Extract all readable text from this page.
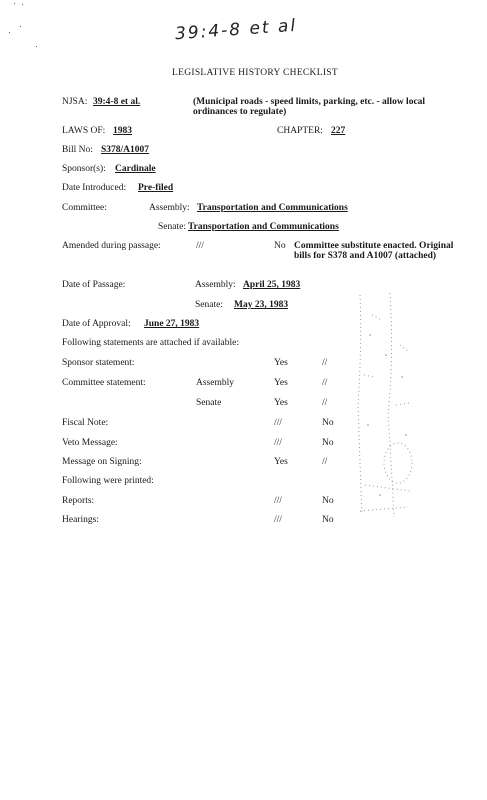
39:4-8 et al
LEGISLATIVE HISTORY CHECKLIST
NJSA: 39:4-8 et al.	(Municipal roads - speed limits, parking, etc. - allow local ordinances to regulate)
LAWS OF: 1983	CHAPTER: 227
Bill No: S378/A1007
Sponsor(s): Cardinale
Date Introduced: Pre-filed
Committee:	Assembly: Transportation and Communications
Senate: Transportation and Communications
Amended during passage:	///	No Committee substitute enacted. Original bills for S378 and A1007 (attached)
Date of Passage:	Assembly: April 25, 1983
Senate: May 23, 1983
Date of Approval: June 27, 1983
Following statements are attached if available:
Sponsor statement:	Yes	//
Committee statement:	Assembly	Yes	//
Senate	Yes	//
Fiscal Note:	///	No
Veto Message:	///	No
Message on Signing:	Yes	//
Following were printed:
Reports:	///	No
Hearings:	///	No
